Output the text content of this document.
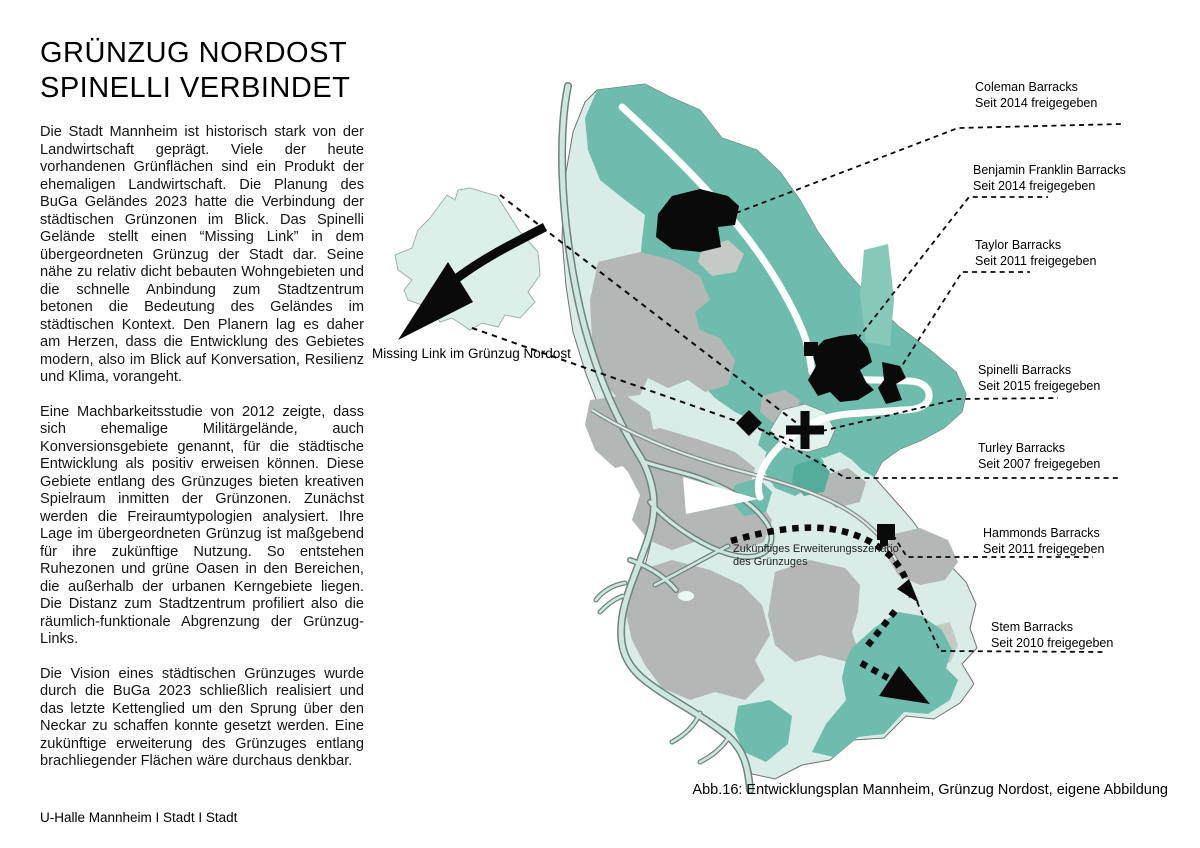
GRÜNZUG NORDOST
SPINELLI VERBINDET

Die Stadt Mannheim ist historisch stark von der Landwirtschaft geprägt. Viele der heute vorhandenen Grünflächen sind ein Produkt der ehemaligen Landwirtschaft. Die Planung des BuGa Geländes 2023 hatte die Verbindung der städtischen Grünzonen im Blick. Das Spinelli Gelände stellt einen “Missing Link” in dem übergeordneten Grünzug der Stadt dar. Seine nähe zu relativ dicht bebauten Wohngebieten und die schnelle Anbindung zum Stadtzentrum betonen die Bedeutung des Geländes im städtischen Kontext. Den Planern lag es daher am Herzen, dass die Entwicklung des Gebietes modern, also im Blick auf Konversation, Resilienz und Klima, vorangeht.

Eine Machbarkeitsstudie von 2012 zeigte, dass sich ehemalige Militärgelände, auch Konversionsgebiete genannt, für die städtische Entwicklung als positiv erweisen können. Diese Gebiete entlang des Grünzuges bieten kreativen Spielraum inmitten der Grünzonen. Zunächst werden die Freiraumtypologien analysiert. Ihre Lage im übergeordneten Grünzug ist maßgebend für ihre zukünftige Nutzung. So entstehen Ruhezonen und grüne Oasen in den Bereichen, die außerhalb der urbanen Kerngebiete liegen. Die Distanz zum Stadtzentrum profiliert also die räumlich-funktionale Abgrenzung der Grünzug-Links.

Die Vision eines städtischen Grünzuges wurde durch die BuGa 2023 schließlich realisiert und das letzte Kettenglied um den Sprung über den Neckar zu schaffen konnte gesetzt werden. Eine zukünftige erweiterung des Grünzuges entlang brachliegender Flächen wäre durchaus denkbar.

Missing Link im Grünzug Nordost
Zukünftiges Erweiterungsszenario
des Grünzuges
Coleman Barracks
Seit 2014 freigegeben
Benjamin Franklin Barracks
Seit 2014 freigegeben
Taylor Barracks
Seit 2011 freigegeben
Spinelli Barracks
Seit 2015 freigegeben
Turley Barracks
Seit 2007 freigegeben
Hammonds Barracks
Seit 2011 freigegeben
Stem Barracks
Seit 2010 freigegeben
Abb.16: Entwicklungsplan Mannheim, Grünzug Nordost, eigene Abbildung
U-Halle Mannheim I Stadt I Stadt
